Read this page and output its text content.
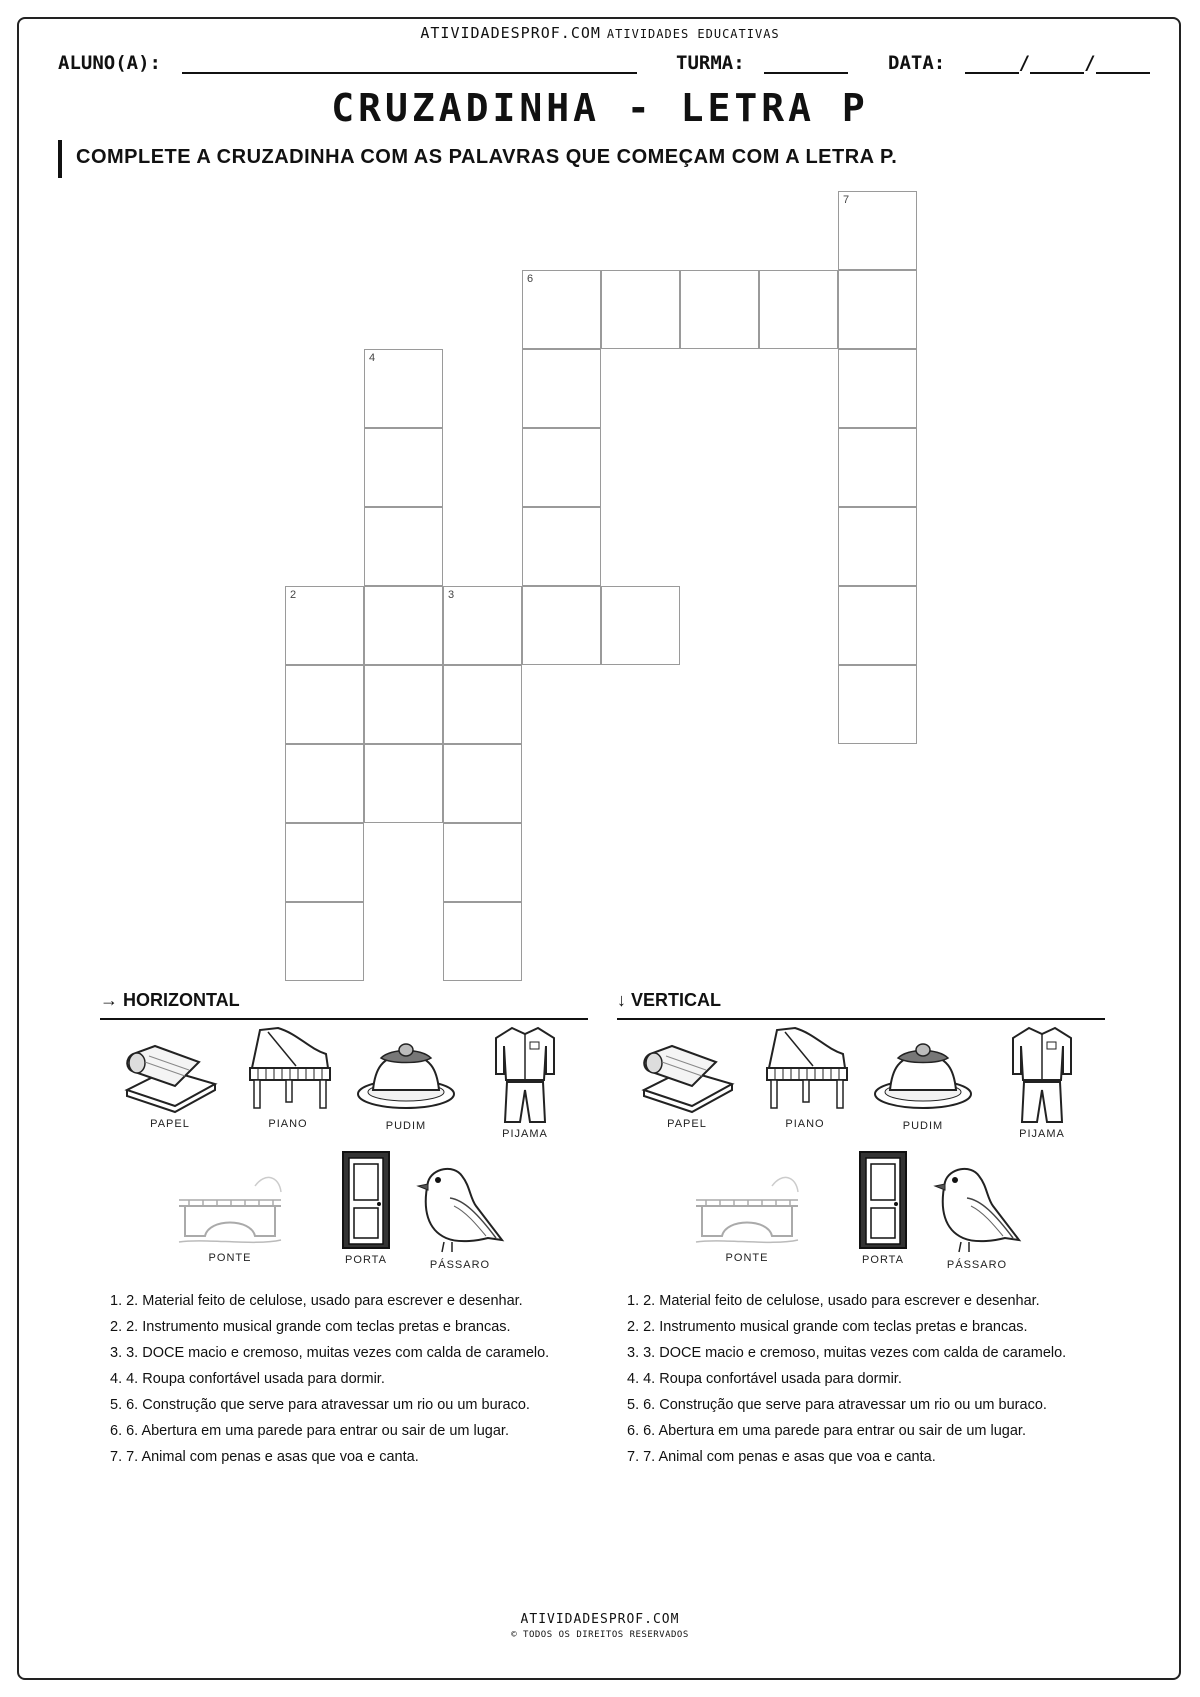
ATIVIDADESPROF.COM ATIVIDADES EDUCATIVAS
ALUNO(A):	TURMA:	DATA:	/	/
CRUZADINHA - LETRA P
COMPLETE A CRUZADINHA COM AS PALAVRAS QUE COMEÇAM COM A LETRA P.
7
6
4
2	3
→ HORIZONTAL	↓ VERTICAL
PAPEL	PIANO	PUDIM
PIJAMA
PONTE	PORTA	PÁSSARO
PAPEL	PIANO	PUDIM
PIJAMA
PONTE	PORTA	PÁSSARO
1. 2. Material feito de celulose, usado para escrever e desenhar.
2. 2. Instrumento musical grande com teclas pretas e brancas.
3. 3. DOCE macio e cremoso, muitas vezes com calda de caramelo.
4. 4. Roupa confortável usada para dormir.
5. 6. Construção que serve para atravessar um rio ou um buraco.
6. 6. Abertura em uma parede para entrar ou sair de um lugar.
7. 7. Animal com penas e asas que voa e canta.
1. 2. Material feito de celulose, usado para escrever e desenhar.
2. 2. Instrumento musical grande com teclas pretas e brancas.
3. 3. DOCE macio e cremoso, muitas vezes com calda de caramelo.
4. 4. Roupa confortável usada para dormir.
5. 6. Construção que serve para atravessar um rio ou um buraco.
6. 6. Abertura em uma parede para entrar ou sair de um lugar.
7. 7. Animal com penas e asas que voa e canta.
ATIVIDADESPROF.COM
© TODOS OS DIREITOS RESERVADOS
